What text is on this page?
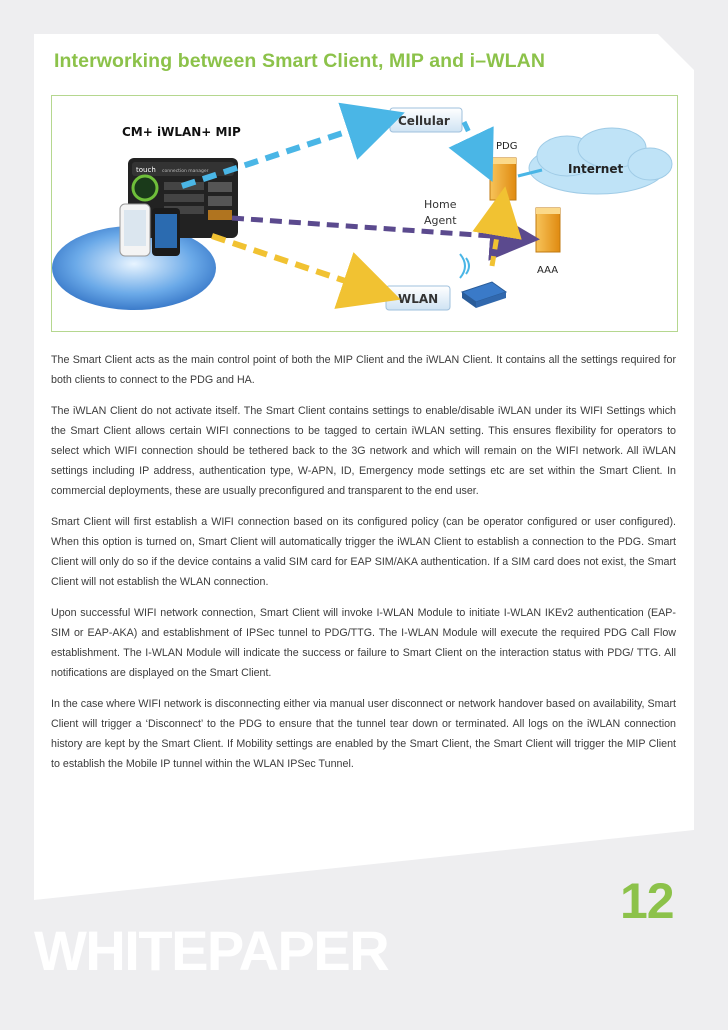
Interworking between Smart Client, MIP and i–WLAN
touch connection manager
CM+ iWLAN+ MIP
Cellular
WLAN
Internet
PDG
AAA
Home
Agent

The Smart Client acts as the main control point of both the MIP Client and the iWLAN Client. It contains all the settings required for both clients to connect to the PDG and HA.

The iWLAN Client do not activate itself. The Smart Client contains settings to enable/disable iWLAN under its WIFI Settings which the Smart Client allows certain WIFI connections to be tagged to certain iWLAN setting. This ensures flexibility for operators to select which WIFI connection should be tethered back to the 3G network and which will remain on the WIFI network. All iWLAN settings including IP address, authentication type, W-APN, ID, Emergency mode settings etc are set within the Smart Client. In commercial deployments, these are usually preconfigured and transparent to the end user.

Smart Client will first establish a WIFI connection based on its configured policy (can be operator configured or user configured). When this option is turned on, Smart Client will automatically trigger the iWLAN Client to establish a connection to the PDG. Smart Client will only do so if the device contains a valid SIM card for EAP SIM/AKA authentication. If a SIM card does not exist, the Smart Client will not establish the WLAN connection.

Upon successful WIFI network connection, Smart Client will invoke I-WLAN Module to initiate I-WLAN IKEv2 authentication (EAP-SIM or EAP-AKA) and establishment of IPSec tunnel to PDG/TTG. The I-WLAN Module will execute the required PDG Call Flow establishment. The I-WLAN Module will indicate the success or failure to Smart Client on the interaction status with PDG/ TTG. All notifications are displayed on the Smart Client.

In the case where WIFI network is disconnecting either via manual user disconnect or network handover based on availability, Smart Client will trigger a ‘Disconnect’ to the PDG to ensure that the tunnel tear down or terminated. All logs on the iWLAN connection history are kept by the Smart Client. If Mobility settings are enabled by the Smart Client, the Smart Client will trigger the MIP Client to establish the Mobile IP tunnel within the WLAN IPSec Tunnel.

12
WHITEPAPER
